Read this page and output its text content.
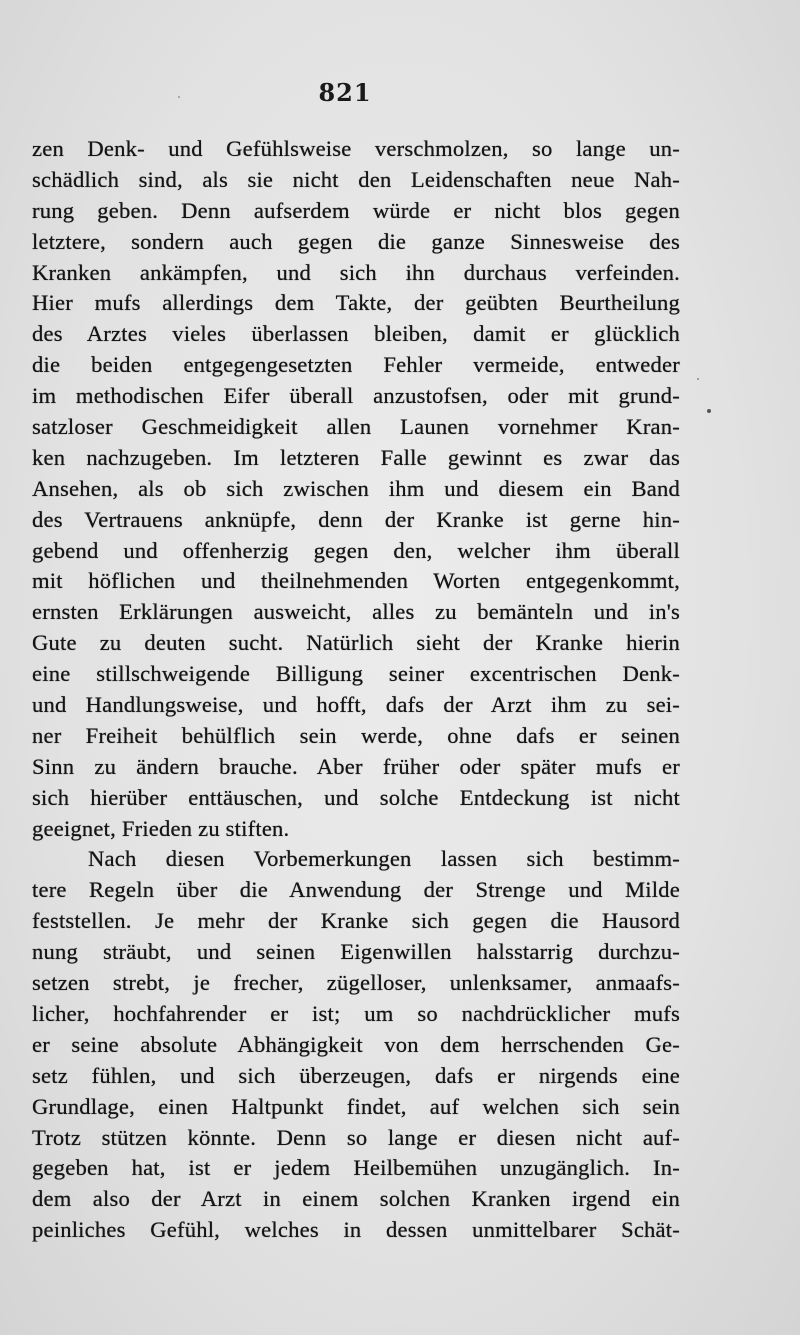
821
zen Denk- und Gefühlsweise verschmolzen, so lange un-
schädlich sind, als sie nicht den Leidenschaften neue Nah-
rung geben. Denn aufserdem würde er nicht blos gegen
letztere, sondern auch gegen die ganze Sinnesweise des
Kranken ankämpfen, und sich ihn durchaus verfeinden.
Hier mufs allerdings dem Takte, der geübten Beurtheilung
des Arztes vieles überlassen bleiben, damit er glücklich
die beiden entgegengesetzten Fehler vermeide, entweder
im methodischen Eifer überall anzustofsen, oder mit grund-
satzloser Geschmeidigkeit allen Launen vornehmer Kran-
ken nachzugeben. Im letzteren Falle gewinnt es zwar das
Ansehen, als ob sich zwischen ihm und diesem ein Band
des Vertrauens anknüpfe, denn der Kranke ist gerne hin-
gebend und offenherzig gegen den, welcher ihm überall
mit höflichen und theilnehmenden Worten entgegenkommt,
ernsten Erklärungen ausweicht, alles zu bemänteln und in's
Gute zu deuten sucht. Natürlich sieht der Kranke hierin
eine stillschweigende Billigung seiner excentrischen Denk-
und Handlungsweise, und hofft, dafs der Arzt ihm zu sei-
ner Freiheit behülflich sein werde, ohne dafs er seinen
Sinn zu ändern brauche. Aber früher oder später mufs er
sich hierüber enttäuschen, und solche Entdeckung ist nicht
geeignet, Frieden zu stiften.
Nach diesen Vorbemerkungen lassen sich bestimm-
tere Regeln über die Anwendung der Strenge und Milde
feststellen. Je mehr der Kranke sich gegen die Hausord
nung sträubt, und seinen Eigenwillen halsstarrig durchzu-
setzen strebt, je frecher, zügelloser, unlenksamer, anmaafs-
licher, hochfahrender er ist; um so nachdrücklicher mufs
er seine absolute Abhängigkeit von dem herrschenden Ge-
setz fühlen, und sich überzeugen, dafs er nirgends eine
Grundlage, einen Haltpunkt findet, auf welchen sich sein
Trotz stützen könnte. Denn so lange er diesen nicht auf-
gegeben hat, ist er jedem Heilbemühen unzugänglich. In-
dem also der Arzt in einem solchen Kranken irgend ein
peinliches Gefühl, welches in dessen unmittelbarer Schät-
